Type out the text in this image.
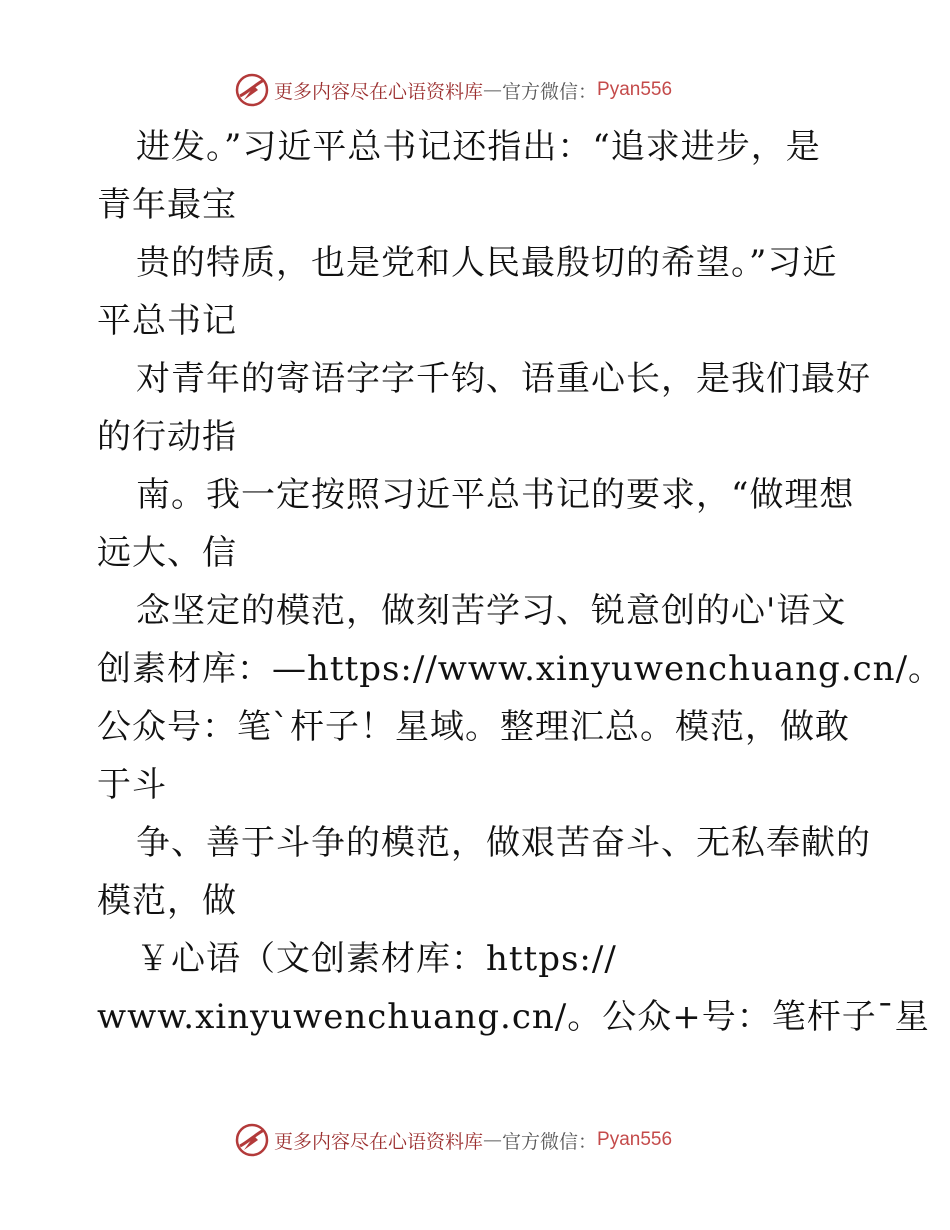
更多内容尽在心语资料库 — 官方微信： Pyan556
进发。”习近平总书记还指出：“追求进步，是
青年最宝
贵的特质，也是党和人民最殷切的希望。”习近
平总书记
对青年的寄语字字千钧、语重心长，是我们最好
的行动指
南。我一定按照习近平总书记的要求，“做理想
远大、信
念坚定的模范，做刻苦学习、锐意创的心'语文
创素材库：—https://www.xinyuwenchuang.cn/。
公众号：笔`杆子！星域。整理汇总。模范，做敢
于斗
争、善于斗争的模范，做艰苦奋斗、无私奉献的
模范，做
￥心语（文创素材库：https://
www.xinyuwenchuang.cn/。公众+号：笔杆子¯星
更多内容尽在心语资料库 — 官方微信： Pyan556
